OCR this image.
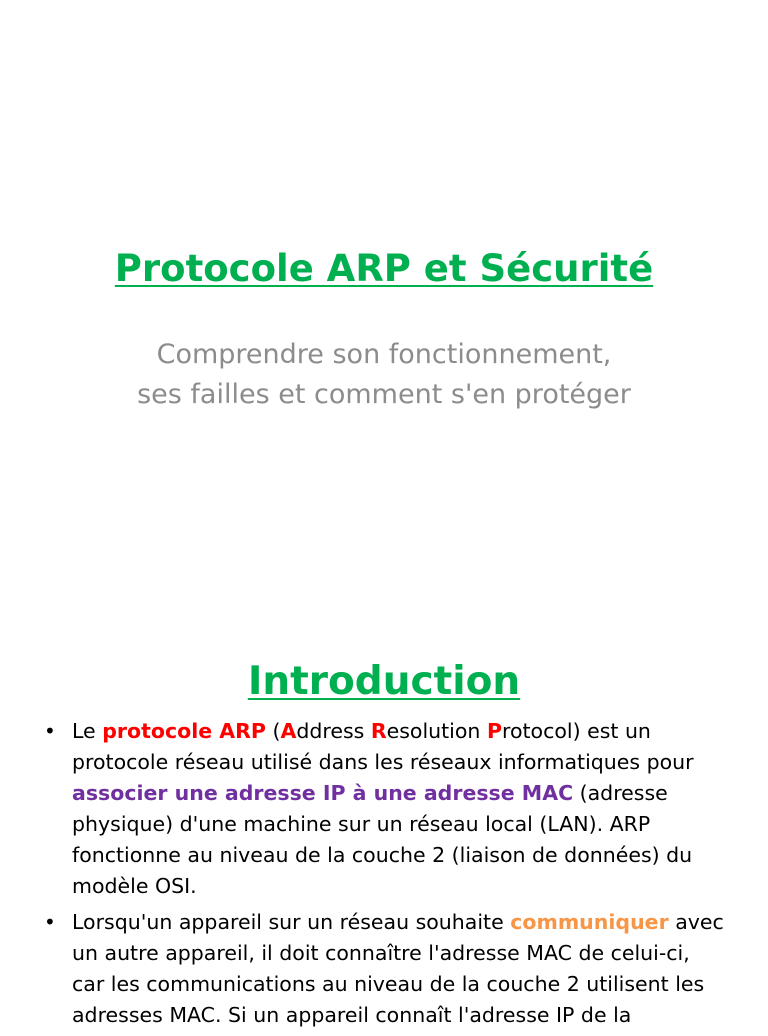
Protocole ARP et Sécurité
Comprendre son fonctionnement,
ses failles et comment s'en protéger
Introduction
• Le protocole ARP (Address Resolution Protocol) est un protocole réseau utilisé dans les réseaux informatiques pour associer une adresse IP à une adresse MAC (adresse physique) d'une machine sur un réseau local (LAN). ARP fonctionne au niveau de la couche 2 (liaison de données) du modèle OSI.
• Lorsqu'un appareil sur un réseau souhaite communiquer avec un autre appareil, il doit connaître l'adresse MAC de celui-ci, car les communications au niveau de la couche 2 utilisent les adresses MAC. Si un appareil connaît l'adresse IP de la
